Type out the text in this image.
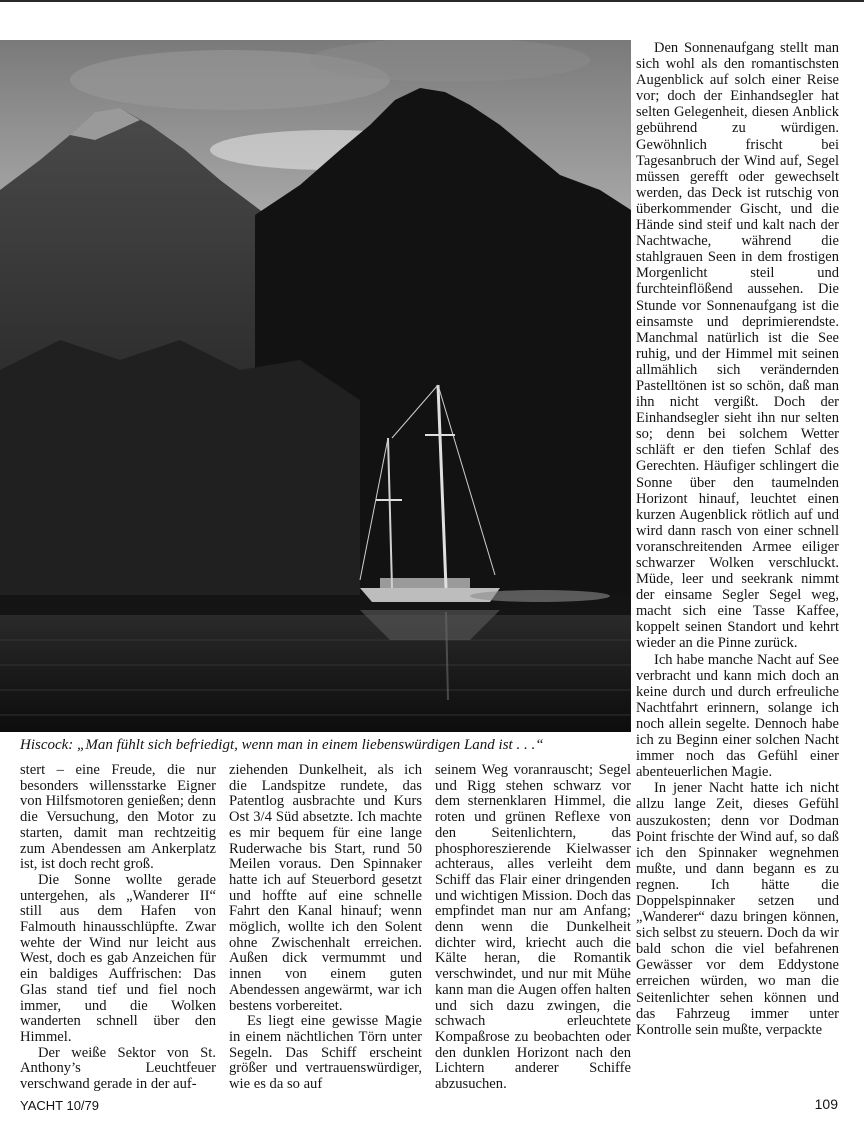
Hiscock: „Man fühlt sich befriedigt, wenn man in einem liebenswürdigen Land ist . . .“

Den Sonnenaufgang stellt man sich wohl als den romantischsten Augenblick auf solch einer Reise vor; doch der Einhandsegler hat selten Gelegenheit, diesen Anblick gebührend zu würdigen. Gewöhnlich frischt bei Tagesanbruch der Wind auf, Segel müssen gerefft oder gewechselt werden, das Deck ist rutschig von überkommender Gischt, und die Hände sind steif und kalt nach der Nachtwache, während die stahlgrauen Seen in dem frostigen Morgenlicht steil und furchteinflößend aussehen. Die Stunde vor Sonnenaufgang ist die einsamste und deprimierendste. Manchmal natürlich ist die See ruhig, und der Himmel mit seinen allmählich sich verändernden Pastelltönen ist so schön, daß man ihn nicht vergißt. Doch der Einhandsegler sieht ihn nur selten so; denn bei solchem Wetter schläft er den tiefen Schlaf des Gerechten. Häufiger schlingert die Sonne über den taumelnden Horizont hinauf, leuchtet einen kurzen Augenblick rötlich auf und wird dann rasch von einer schnell voranschreitenden Armee eiliger schwarzer Wolken verschluckt. Müde, leer und seekrank nimmt der einsame Segler Segel weg, macht sich eine Tasse Kaffee, koppelt seinen Standort und kehrt wieder an die Pinne zurück.

Ich habe manche Nacht auf See verbracht und kann mich doch an keine durch und durch erfreuliche Nachtfahrt erinnern, solange ich noch allein segelte. Dennoch habe ich zu Beginn einer solchen Nacht immer noch das Gefühl einer abenteuerlichen Magie.

In jener Nacht hatte ich nicht allzu lange Zeit, dieses Gefühl auszukosten; denn vor Dodman Point frischte der Wind auf, so daß ich den Spinnaker wegnehmen mußte, und dann begann es zu regnen. Ich hätte die Doppelspinnaker setzen und „Wanderer“ dazu bringen können, sich selbst zu steuern. Doch da wir bald schon die viel befahrenen Gewässer vor dem Eddystone erreichen würden, wo man die Seitenlichter sehen können und das Fahrzeug immer unter Kontrolle sein mußte, verpackte

stert – eine Freude, die nur besonders willensstarke Eigner von Hilfsmotoren genießen; denn die Versuchung, den Motor zu starten, damit man rechtzeitig zum Abendessen am Ankerplatz ist, ist doch recht groß.

Die Sonne wollte gerade untergehen, als „Wanderer II“ still aus dem Hafen von Falmouth hinausschlüpfte. Zwar wehte der Wind nur leicht aus West, doch es gab Anzeichen für ein baldiges Auffrischen: Das Glas stand tief und fiel noch immer, und die Wolken wanderten schnell über den Himmel.

Der weiße Sektor von St. Anthony’s Leuchtfeuer verschwand gerade in der auf-

ziehenden Dunkelheit, als ich die Landspitze rundete, das Patentlog ausbrachte und Kurs Ost 3/4 Süd absetzte. Ich machte es mir bequem für eine lange Ruderwache bis Start, rund 50 Meilen voraus. Den Spinnaker hatte ich auf Steuerbord gesetzt und hoffte auf eine schnelle Fahrt den Kanal hinauf; wenn möglich, wollte ich den Solent ohne Zwischenhalt erreichen. Außen dick vermummt und innen von einem guten Abendessen angewärmt, war ich bestens vorbereitet.

Es liegt eine gewisse Magie in einem nächtlichen Törn unter Segeln. Das Schiff erscheint größer und vertrauenswürdiger, wie es da so auf

seinem Weg voranrauscht; Segel und Rigg stehen schwarz vor dem sternenklaren Himmel, die roten und grünen Reflexe von den Seitenlichtern, das phosphoreszierende Kielwasser achteraus, alles verleiht dem Schiff das Flair einer dringenden und wichtigen Mission. Doch das empfindet man nur am Anfang; denn wenn die Dunkelheit dichter wird, kriecht auch die Kälte heran, die Romantik verschwindet, und nur mit Mühe kann man die Augen offen halten und sich dazu zwingen, die schwach erleuchtete Kompaßrose zu beobachten oder den dunklen Horizont nach den Lichtern anderer Schiffe abzusuchen.

YACHT 10/79	109
